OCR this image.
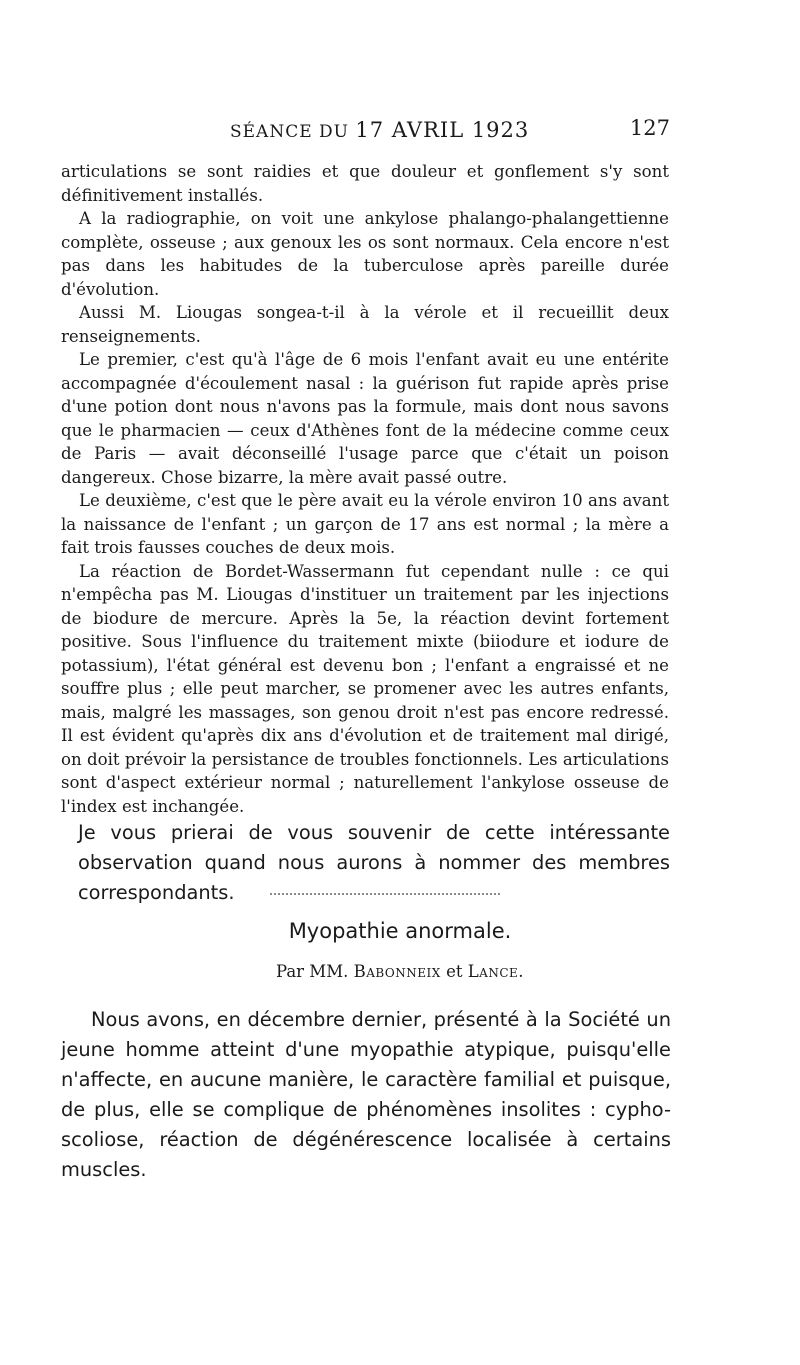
SÉANCE DU 17 AVRIL 1923	127

articulations se sont raidies et que douleur et gonflement s'y sont définitivement installés.

A la radiographie, on voit une ankylose phalango-phalangettienne complète, osseuse ; aux genoux les os sont normaux. Cela encore n'est pas dans les habitudes de la tuberculose après pareille durée d'évolution.

Aussi M. Liougas songea-t-il à la vérole et il recueillit deux renseignements.

Le premier, c'est qu'à l'âge de 6 mois l'enfant avait eu une entérite accompagnée d'écoulement nasal : la guérison fut rapide après prise d'une potion dont nous n'avons pas la formule, mais dont nous savons que le pharmacien — ceux d'Athènes font de la médecine comme ceux de Paris — avait déconseillé l'usage parce que c'était un poison dangereux. Chose bizarre, la mère avait passé outre.

Le deuxième, c'est que le père avait eu la vérole environ 10 ans avant la naissance de l'enfant ; un garçon de 17 ans est normal ; la mère a fait trois fausses couches de deux mois.

La réaction de Bordet-Wassermann fut cependant nulle : ce qui n'empêcha pas M. Liougas d'instituer un traitement par les injections de biodure de mercure. Après la 5e, la réaction devint fortement positive. Sous l'influence du traitement mixte (biiodure et iodure de potassium), l'état général est devenu bon ; l'enfant a engraissé et ne souffre plus ; elle peut marcher, se promener avec les autres enfants, mais, malgré les massages, son genou droit n'est pas encore redressé. Il est évident qu'après dix ans d'évolution et de traitement mal dirigé, on doit prévoir la persistance de troubles fonctionnels. Les articulations sont d'aspect extérieur normal ; naturellement l'ankylose osseuse de l'index est inchangée.

Je vous prierai de vous souvenir de cette intéressante observation quand nous aurons à nommer des membres correspondants.

Myopathie anormale.
Par MM. Babonneix et Lance.

Nous avons, en décembre dernier, présenté à la Société un jeune homme atteint d'une myopathie atypique, puisqu'elle n'affecte, en aucune manière, le caractère familial et puisque, de plus, elle se complique de phénomènes insolites : cypho-scoliose, réaction de dégénérescence localisée à certains muscles.
